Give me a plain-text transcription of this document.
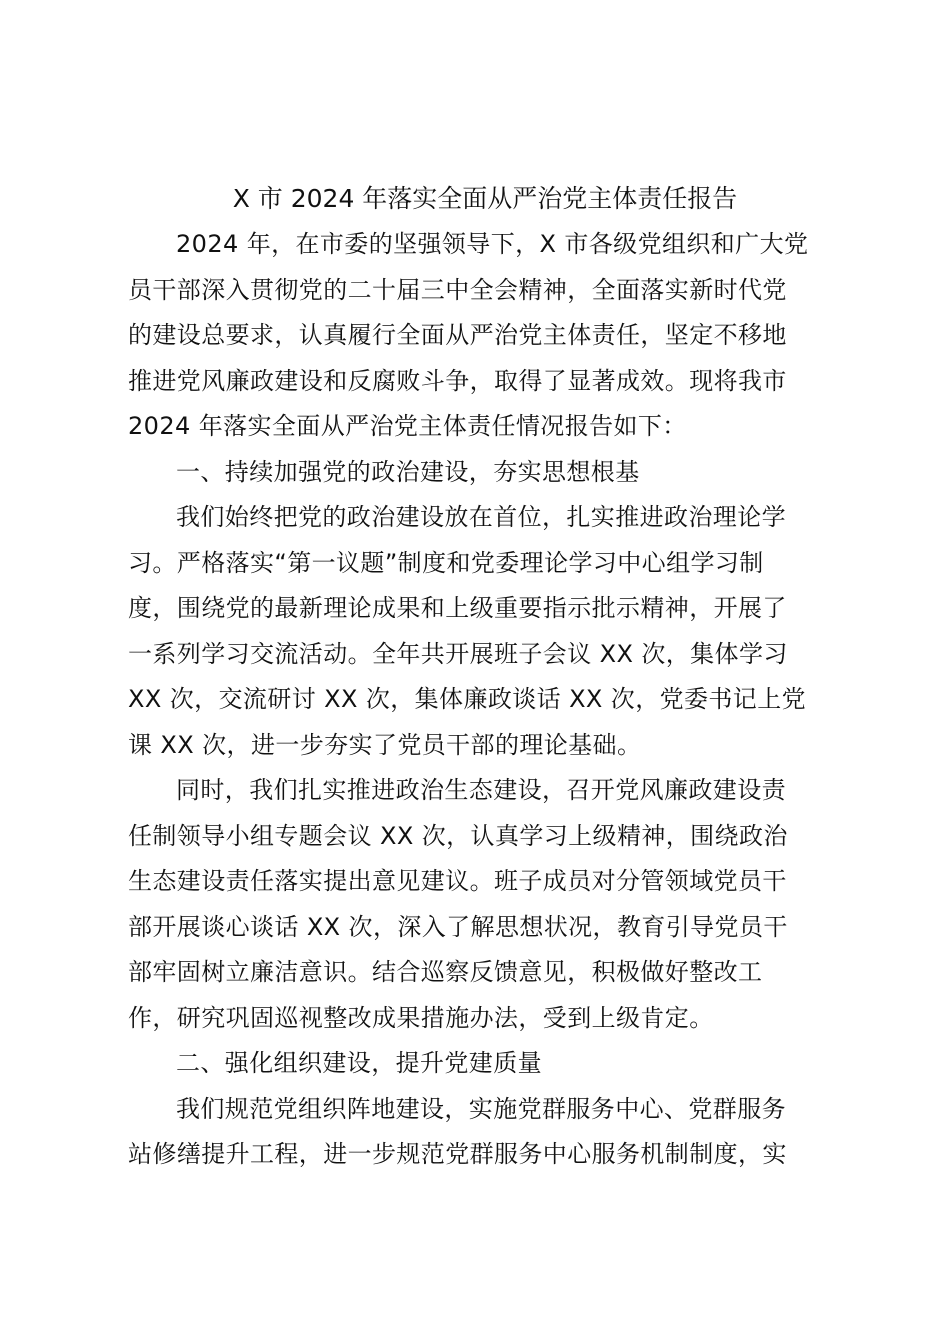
X 市 2024 年落实全面从严治党主体责任报告

2024 年，在市委的坚强领导下，X 市各级党组织和广大党
员干部深入贯彻党的二十届三中全会精神，全面落实新时代党
的建设总要求，认真履行全面从严治党主体责任，坚定不移地
推进党风廉政建设和反腐败斗争，取得了显著成效。现将我市
2024 年落实全面从严治党主体责任情况报告如下：

一、持续加强党的政治建设，夯实思想根基

我们始终把党的政治建设放在首位，扎实推进政治理论学
习。严格落实“第一议题”制度和党委理论学习中心组学习制
度，围绕党的最新理论成果和上级重要指示批示精神，开展了
一系列学习交流活动。全年共开展班子会议 XX 次，集体学习
XX 次，交流研讨 XX 次，集体廉政谈话 XX 次，党委书记上党
课 XX 次，进一步夯实了党员干部的理论基础。

同时，我们扎实推进政治生态建设，召开党风廉政建设责
任制领导小组专题会议 XX 次，认真学习上级精神，围绕政治
生态建设责任落实提出意见建议。班子成员对分管领域党员干
部开展谈心谈话 XX 次，深入了解思想状况，教育引导党员干
部牢固树立廉洁意识。结合巡察反馈意见，积极做好整改工
作，研究巩固巡视整改成果措施办法，受到上级肯定。

二、强化组织建设，提升党建质量

我们规范党组织阵地建设，实施党群服务中心、党群服务
站修缮提升工程，进一步规范党群服务中心服务机制制度，实
